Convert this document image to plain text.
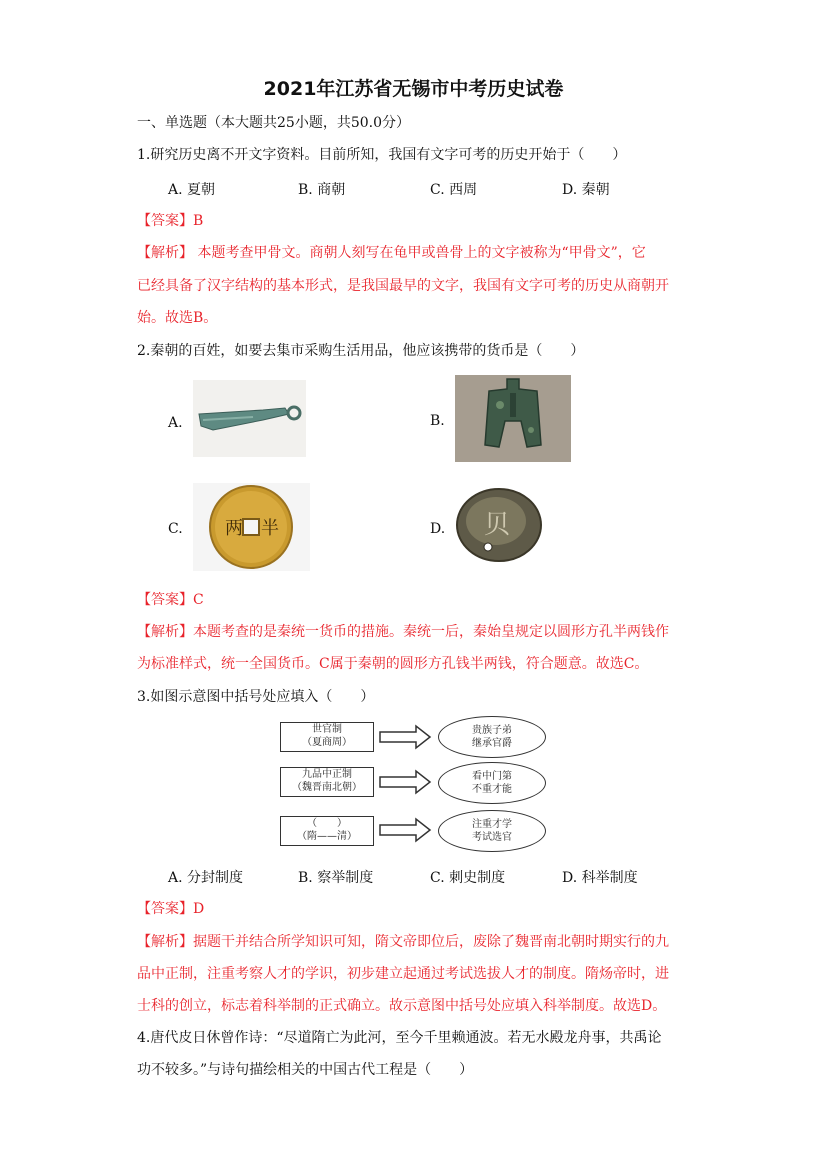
2021年江苏省无锡市中考历史试卷
一、单选题（本大题共25小题，共50.0分）
1.研究历史离不开文字资料。目前所知，我国有文字可考的历史开始于（　　）
A. 夏朝	B. 商朝	C. 西周	D. 秦朝
【答案】B
【解析】 本题考查甲骨文。商朝人刻写在龟甲或兽骨上的文字被称为“甲骨文”，它
已经具备了汉字结构的基本形式，是我国最早的文字，我国有文字可考的历史从商朝开
始。故选B。
2.秦朝的百姓，如要去集市采购生活用品，他应该携带的货币是（　　）
A.	B.
C. 两 半	D. 贝
【答案】C
【解析】本题考查的是秦统一货币的措施。秦统一后，秦始皇规定以圆形方孔半两钱作
为标准样式，统一全国货币。C属于秦朝的圆形方孔钱半两钱，符合题意。故选C。
3.如图示意图中括号处应填入（　　）
世官制
（夏商周）
九品中正制
（魏晋南北朝）
（　　）
（隋——清）
贵族子弟
继承官爵
看中门第
不重才能
注重才学
考试选官
A. 分封制度	B. 察举制度	C. 刺史制度	D. 科举制度
【答案】D
【解析】据题干并结合所学知识可知，隋文帝即位后，废除了魏晋南北朝时期实行的九
品中正制，注重考察人才的学识，初步建立起通过考试选拔人才的制度。隋炀帝时，进
士科的创立，标志着科举制的正式确立。故示意图中括号处应填入科举制度。故选D。
4.唐代皮日休曾作诗：“尽道隋亡为此河，至今千里赖通波。若无水殿龙舟事，共禹论
功不较多。”与诗句描绘相关的中国古代工程是（　　）
